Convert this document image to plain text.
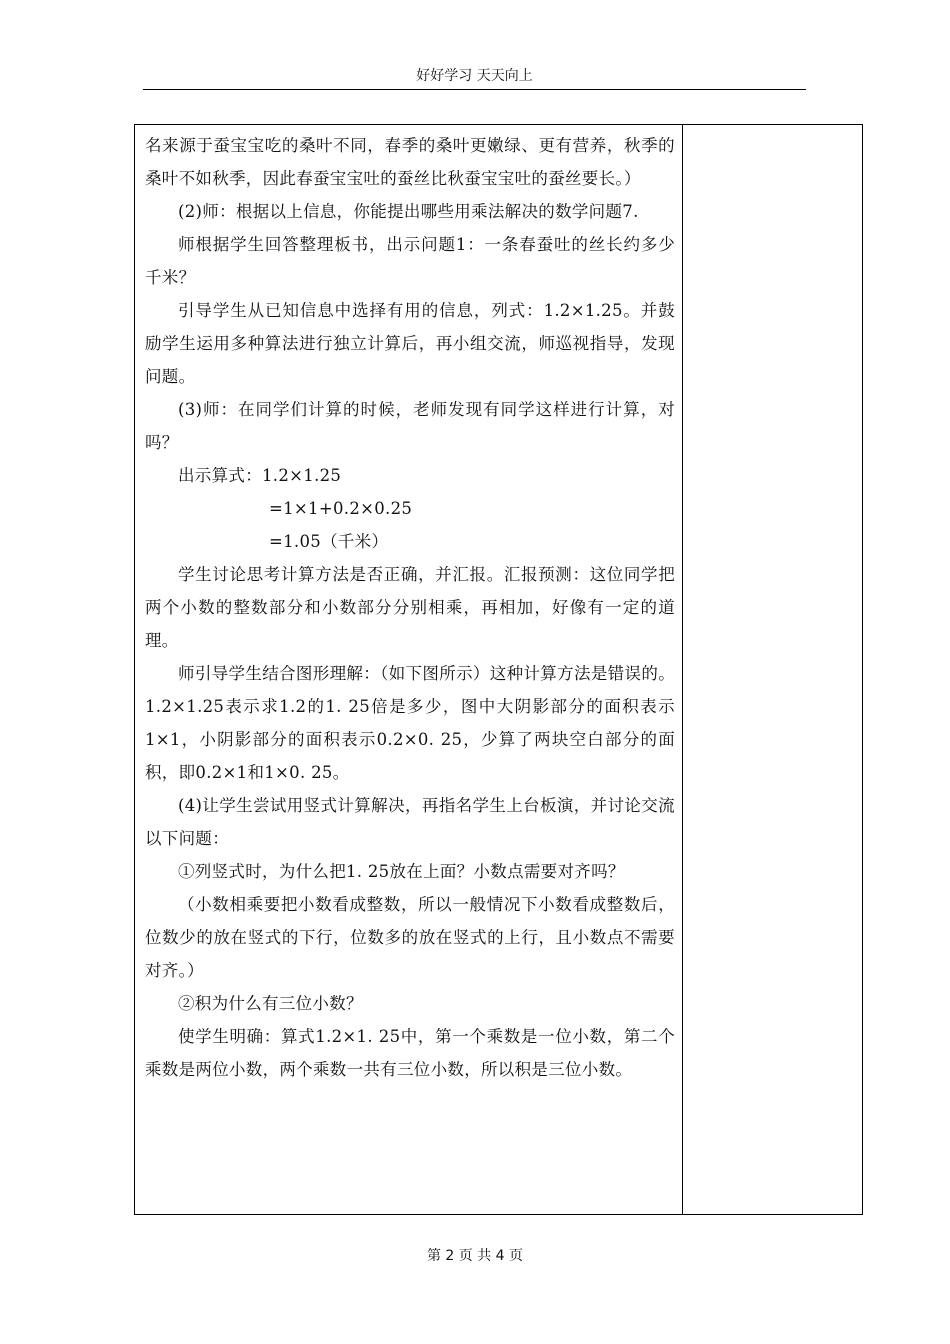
好好学习 天天向上

名来源于蚕宝宝吃的桑叶不同，春季的桑叶更嫩绿、更有营养，秋季的桑叶不如秋季，因此春蚕宝宝吐的蚕丝比秋蚕宝宝吐的蚕丝要长。）

(2)师：根据以上信息，你能提出哪些用乘法解决的数学问题7.

师根据学生回答整理板书，出示问题1：一条春蚕吐的丝长约多少千米？

引导学生从已知信息中选择有用的信息，列式：1.2×1.25。并鼓励学生运用多种算法进行独立计算后，再小组交流，师巡视指导，发现问题。

(3)师：在同学们计算的时候，老师发现有同学这样进行计算，对吗？

出示算式：1.2×1.25

=1×1+0.2×0.25

=1.05（千米）

学生讨论思考计算方法是否正确，并汇报。汇报预测：这位同学把两个小数的整数部分和小数部分分别相乘，再相加，好像有一定的道理。

师引导学生结合图形理解：（如下图所示）这种计算方法是错误的。1.2×1.25表示求1.2的1. 25倍是多少，图中大阴影部分的面积表示1×1，小阴影部分的面积表示0.2×0. 25，少算了两块空白部分的面积，即0.2×1和1×0. 25。

(4)让学生尝试用竖式计算解决，再指名学生上台板演，并讨论交流以下问题：

①列竖式时，为什么把1. 25放在上面？小数点需要对齐吗？

（小数相乘要把小数看成整数，所以一般情况下小数看成整数后，位数少的放在竖式的下行，位数多的放在竖式的上行，且小数点不需要对齐。）

②积为什么有三位小数？

使学生明确：算式1.2×1. 25中，第一个乘数是一位小数，第二个乘数是两位小数，两个乘数一共有三位小数，所以积是三位小数。

第 2 页 共 4 页
